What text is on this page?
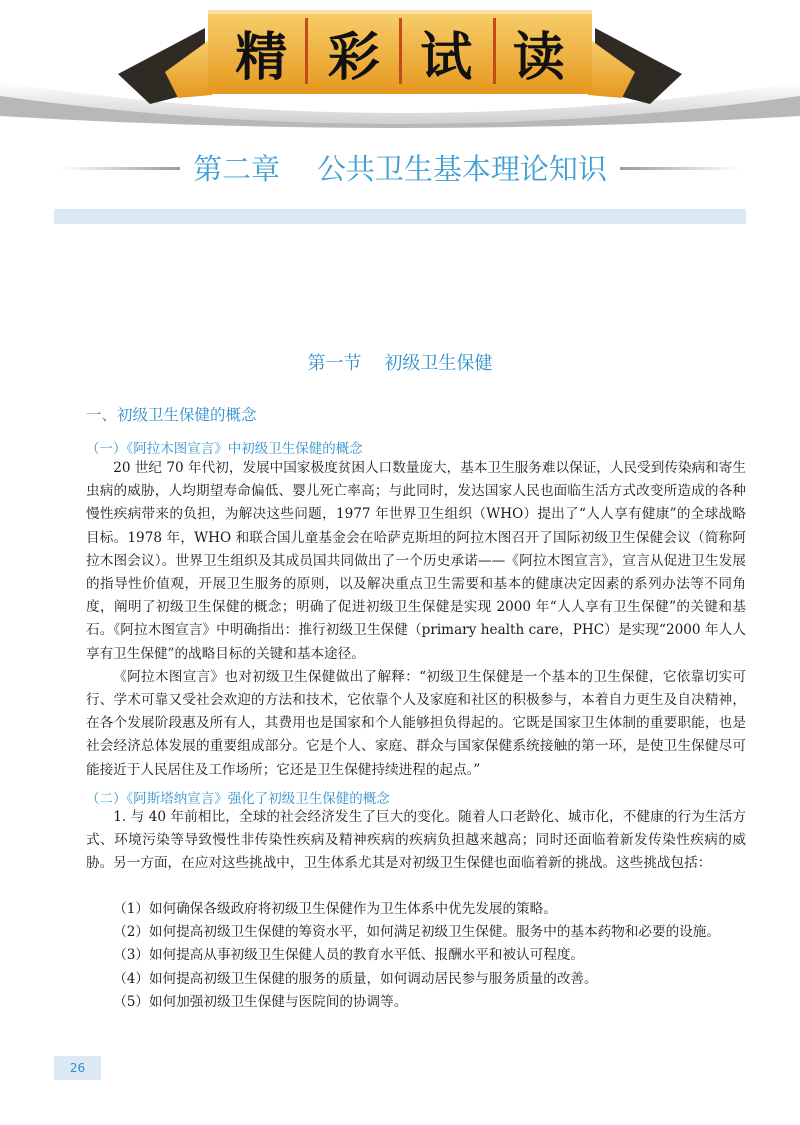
精 彩 试 读
第二章    公共卫生基本理论知识
第一节    初级卫生保健
一、初级卫生保健的概念
（一）《阿拉木图宣言》中初级卫生保健的概念

20 世纪 70 年代初，发展中国家极度贫困人口数量庞大，基本卫生服务难以保证，人民受到传染病和寄生虫病的威胁，人均期望寿命偏低、婴儿死亡率高；与此同时，发达国家人民也面临生活方式改变所造成的各种慢性疾病带来的负担，为解决这些问题，1977 年世界卫生组织（WHO）提出了“人人享有健康”的全球战略目标。1978 年，WHO 和联合国儿童基金会在哈萨克斯坦的阿拉木图召开了国际初级卫生保健会议（简称阿拉木图会议）。世界卫生组织及其成员国共同做出了一个历史承诺——《阿拉木图宣言》，宣言从促进卫生发展的指导性价值观，开展卫生服务的原则，以及解决重点卫生需要和基本的健康决定因素的系列办法等不同角度，阐明了初级卫生保健的概念；明确了促进初级卫生保健是实现 2000 年“人人享有卫生保健”的关键和基石。《阿拉木图宣言》中明确指出：推行初级卫生保健（primary health care，PHC）是实现“2000 年人人享有卫生保健”的战略目标的关键和基本途径。

《阿拉木图宣言》也对初级卫生保健做出了解释：“初级卫生保健是一个基本的卫生保健，它依靠切实可行、学术可靠又受社会欢迎的方法和技术，它依靠个人及家庭和社区的积极参与，本着自力更生及自决精神，在各个发展阶段惠及所有人，其费用也是国家和个人能够担负得起的。它既是国家卫生体制的重要职能，也是社会经济总体发展的重要组成部分。它是个人、家庭、群众与国家保健系统接触的第一环，是使卫生保健尽可能接近于人民居住及工作场所；它还是卫生保健持续进程的起点。”

（二）《阿斯塔纳宣言》强化了初级卫生保健的概念

1. 与 40 年前相比，全球的社会经济发生了巨大的变化。随着人口老龄化、城市化，不健康的行为生活方式、环境污染等导致慢性非传染性疾病及精神疾病的疾病负担越来越高；同时还面临着新发传染性疾病的威胁。另一方面，在应对这些挑战中，卫生体系尤其是对初级卫生保健也面临着新的挑战。这些挑战包括：

（1）如何确保各级政府将初级卫生保健作为卫生体系中优先发展的策略。

（2）如何提高初级卫生保健的筹资水平，如何满足初级卫生保健。服务中的基本药物和必要的设施。

（3）如何提高从事初级卫生保健人员的教育水平低、报酬水平和被认可程度。

（4）如何提高初级卫生保健的服务的质量，如何调动居民参与服务质量的改善。

（5）如何加强初级卫生保健与医院间的协调等。

26
